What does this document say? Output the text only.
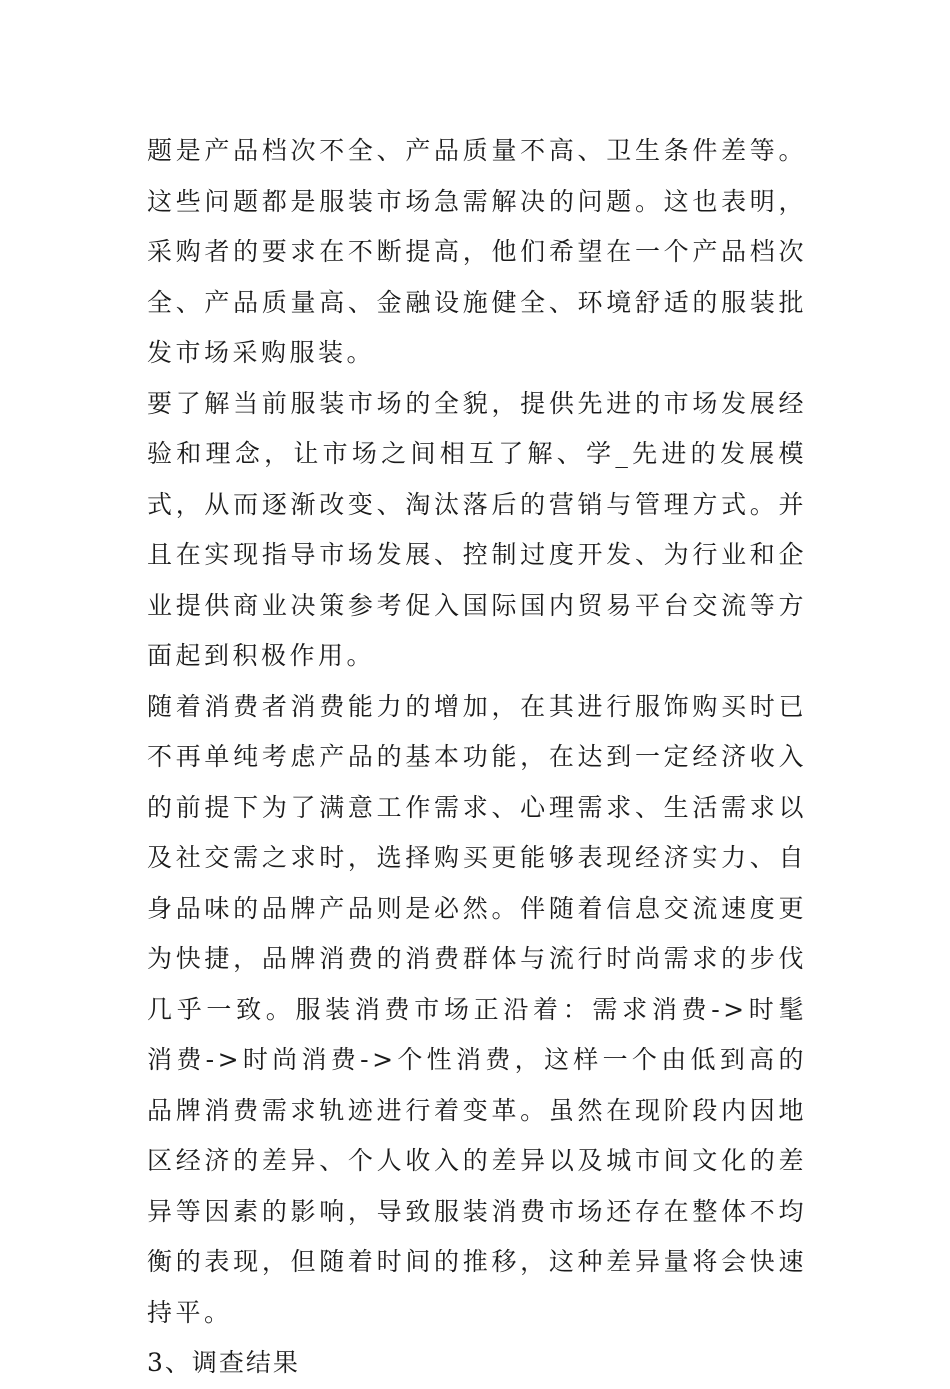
题是产品档次不全、产品质量不高、卫生条件差等。这些问题都是服装市场急需解决的问题。这也表明，采购者的要求在不断提高，他们希望在一个产品档次全、产品质量高、金融设施健全、环境舒适的服装批发市场采购服装。

要了解当前服装市场的全貌，提供先进的市场发展经验和理念，让市场之间相互了解、学_先进的发展模式，从而逐渐改变、淘汰落后的营销与管理方式。并且在实现指导市场发展、控制过度开发、为行业和企业提供商业决策参考促入国际国内贸易平台交流等方面起到积极作用。

随着消费者消费能力的增加，在其进行服饰购买时已不再单纯考虑产品的基本功能，在达到一定经济收入的前提下为了满意工作需求、心理需求、生活需求以及社交需之求时，选择购买更能够表现经济实力、自身品味的品牌产品则是必然。伴随着信息交流速度更为快捷，品牌消费的消费群体与流行时尚需求的步伐几乎一致。服装消费市场正沿着：需求消费->时髦消费->时尚消费->个性消费，这样一个由低到高的品牌消费需求轨迹进行着变革。虽然在现阶段内因地区经济的差异、个人收入的差异以及城市间文化的差异等因素的影响，导致服装消费市场还存在整体不均衡的表现，但随着时间的推移，这种差异量将会快速持平。

3、调查结果
